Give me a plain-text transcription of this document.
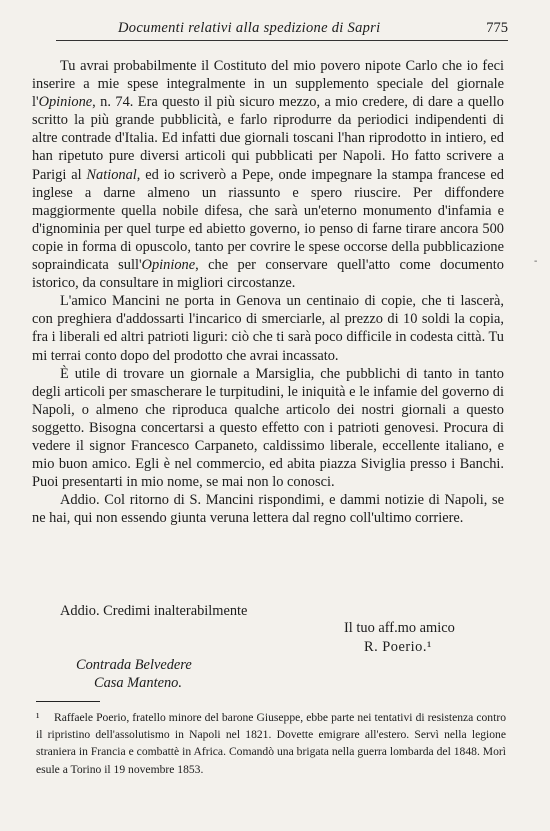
Documenti relativi alla spedizione di Sapri	775

Tu avrai probabilmente il Costituto del mio povero nipote Carlo che io feci inserire a mie spese integralmente in un supplemento speciale del giornale l'Opinione, n. 74. Era questo il più sicuro mezzo, a mio credere, di dare a quello scritto la più grande pubblicità, e farlo riprodurre da periodici indipendenti di altre contrade d'Italia. Ed infatti due giornali toscani l'han riprodotto in intiero, ed han ripetuto pure diversi articoli qui pubblicati per Napoli. Ho fatto scrivere a Parigi al National, ed io scriverò a Pepe, onde impegnare la stampa francese ed inglese a darne almeno un riassunto e spero riuscire. Per diffondere maggiormente quella nobile difesa, che sarà un'eterno monumento d'infamia e d'ignominia per quel turpe ed abietto governo, io penso di farne tirare ancora 500 copie in forma di opuscolo, tanto per covrire le spese occorse della pubblicazione sopraindicata sull'Opinione, che per conservare quell'atto come documento istorico, da consultare in migliori circostanze.

L'amico Mancini ne porta in Genova un centinaio di copie, che ti lascerà, con preghiera d'addossarti l'incarico di smerciarle, al prezzo di 10 soldi la copia, fra i liberali ed altri patrioti liguri: ciò che ti sarà poco difficile in codesta città. Tu mi terrai conto dopo del prodotto che avrai incassato.

È utile di trovare un giornale a Marsiglia, che pubblichi di tanto in tanto degli articoli per smascherare le turpitudini, le iniquità e le infamie del governo di Napoli, o almeno che riproduca qualche articolo dei nostri giornali a questo soggetto. Bisogna concertarsi a questo effetto con i patrioti genovesi. Procura di vedere il signor Francesco Carpaneto, caldissimo liberale, eccellente italiano, e mio buon amico. Egli è nel commercio, ed abita piazza Siviglia presso i Banchi. Puoi presentarti in mio nome, se mai non lo conosci.

Addio. Col ritorno di S. Mancini rispondimi, e dammi notizie di Napoli, se ne hai, qui non essendo giunta veruna lettera dal regno coll'ultimo corriere.

Addio. Credimi inalterabilmente
Il tuo aff.mo amico
R. Poerio.¹
Contrada Belvedere
Casa Manteno.
¹ Raffaele Poerio, fratello minore del barone Giuseppe, ebbe parte nei tentativi di resistenza contro il ripristino dell'assolutismo in Napoli nel 1821. Dovette emigrare all'estero. Servì nella legione straniera in Francia e combattè in Africa. Comandò una brigata nella guerra lombarda del 1848. Morì esule a Torino il 19 novembre 1853.
-
